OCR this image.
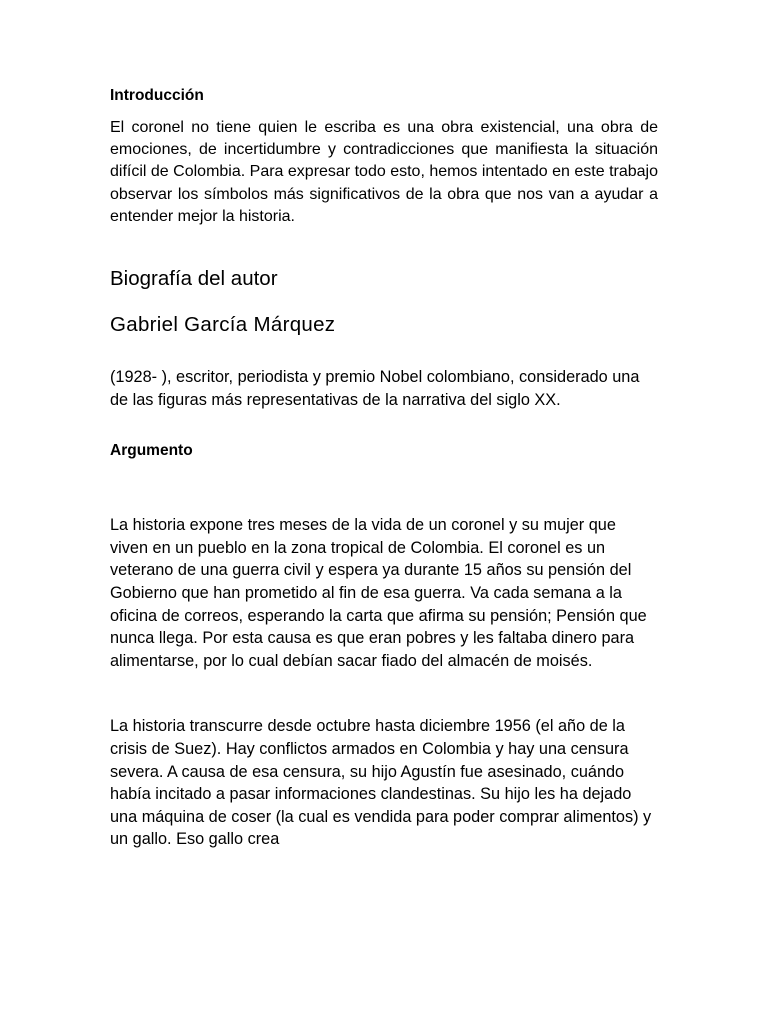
Introducción

El coronel no tiene quien le escriba es una obra existencial, una obra de emociones, de incertidumbre y contradicciones que manifiesta la situación difícil de Colombia. Para expresar todo esto, hemos intentado en este trabajo observar los símbolos más significativos de la obra que nos van a ayudar a entender mejor la historia.

Biografía del autor
Gabriel García Márquez

(1928- ), escritor, periodista y premio Nobel colombiano, considerado una de las figuras más representativas de la narrativa del siglo XX.

Argumento

La historia expone tres meses de la vida de un coronel y su mujer que viven en un pueblo en la zona tropical de Colombia. El coronel es un veterano de una guerra civil y espera ya durante 15 años su pensión del Gobierno que han prometido al fin de esa guerra. Va cada semana a la oficina de correos, esperando la carta que afirma su pensión; Pensión que nunca llega. Por esta causa es que eran pobres y les faltaba dinero para alimentarse, por lo cual debían sacar fiado del almacén de moisés.

La historia transcurre desde octubre hasta diciembre 1956 (el año de la crisis de Suez). Hay conflictos armados en Colombia y hay una censura severa. A causa de esa censura, su hijo Agustín fue asesinado, cuándo había incitado a pasar informaciones clandestinas. Su hijo les ha dejado una máquina de coser (la cual es vendida para poder comprar alimentos) y un gallo. Eso gallo crea
